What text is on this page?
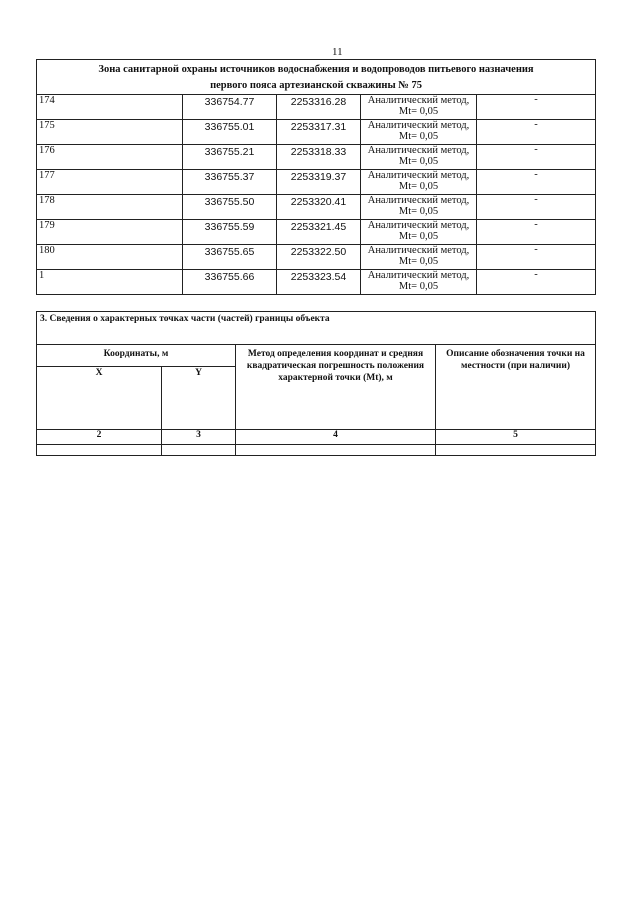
11
Зона санитарной охраны источников водоснабжения и водопроводов питьевого назначения
первого пояса артезианской скважины № 75				

174	336754.77	2253316.28	Аналитический метод,
Mt= 0,05	-
175	336755.01	2253317.31	Аналитический метод,
Mt= 0,05	-
176	336755.21	2253318.33	Аналитический метод,
Mt= 0,05	-
177	336755.37	2253319.37	Аналитический метод,
Mt= 0,05	-
178	336755.50	2253320.41	Аналитический метод,
Mt= 0,05	-
179	336755.59	2253321.45	Аналитический метод,
Mt= 0,05	-
180	336755.65	2253322.50	Аналитический метод,
Mt= 0,05	-
1	336755.66	2253323.54	Аналитический метод,
Mt= 0,05	-
3. Сведения о характерных точках части (частей) границы объекта			
Координаты, м		Метод определения координат и средняя квадратическая погрешность положения характерной точки (Mt), м	Описание обозначения точки на местности (при наличии)
X	Y		
2	3	4	5
